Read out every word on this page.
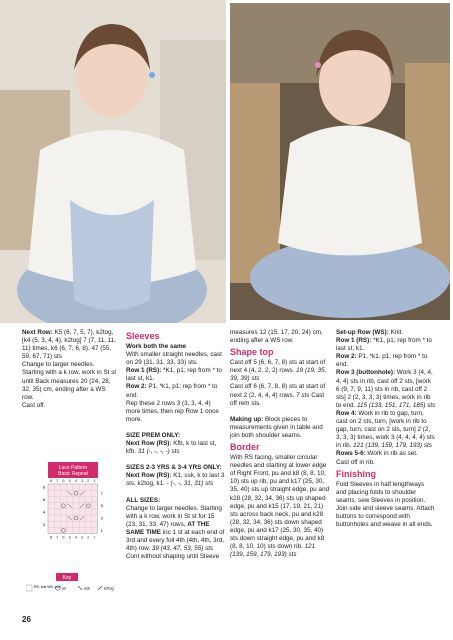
Next Row: K5 (6, 7, 5, 7), k2tog, [k4 (5, 3, 4, 4), k2tog] 7 (7, 11, 11, 11) times, k6 (6, 7, 6, 8). 47 (55, 59, 67, 71) sts

Change to larger needles. Starting with a k row, work in St st until Back measures 20 (24, 28, 32, 35) cm, ending after a WS row.

Cast off.

Lace Pattern
Basic Repeat
8 7 6 5 4 3 2 1
7
5
3
1
8
6
4
2
8 7 6 5 4 3 2 1
Key
RS: knit WS: purl yo	ssk	k2tog
Sleeves

Work both the same

With smaller straight needles, cast on 29 (31, 31, 33, 33) sts.

Row 1 (RS): *K1, p1; rep from * to last st, k1.

Row 2: P1, *k1, p1; rep from * to end.

Rep these 2 rows 3 (3, 3, 4, 4) more times, then rep Row 1 once more.

SIZE PREM ONLY:

Next Row (RS): Kfb, k to last st, kfb. 31 (-, -, -, -) sts

SIZES 2-3 YRS & 3-4 YRS ONLY:

Next Row (RS): K1, ssk, k to last 3 sts, k2tog, k1. - (-, -, 31, 31) sts

ALL SIZES:

Change to larger needles. Starting with a k row, work in St st for 15 (23, 31, 33, 47) rows, AT THE SAME TIME inc 1 st at each end of 3rd and every foll 4th (4th, 4th, 3rd, 4th) row. 39 (43, 47, 53, 55) sts

Cont without shaping until Sleeve

measures 12 (15, 17, 20, 24) cm, ending after a WS row.

Shape top

Cast off 5 (6, 6, 7, 8) sts at start of next 4 (4, 2, 2, 2) rows. 19 (19, 35, 39, 39) sts

Cast off 6 (6, 7, 8, 8) sts at start of next 2 (2, 4, 4, 4) rows. 7 sts Cast off rem sts.

Making up: Block pieces to measurements given in table and join both shoulder seams.

Border

With RS facing, smaller circular needles and starting at lower edge of Right Front, pu and k8 (8, 8, 10, 10) sts up rib, pu and k17 (25, 30, 35, 40) sts up straight edge, pu and k28 (28, 32, 34, 36) sts up shaped edge, pu and k15 (17, 19, 21, 21) sts across back neck, pu and k28 (28, 32, 34, 36) sts down shaped edge, pu and k17 (25, 30, 35, 40) sts down straight edge, pu and k8 (8, 8, 10, 10) sts down rib. 121 (139, 159, 179, 193) sts

Set-up Row (WS): Knit.

Row 1 (RS): *K1, p1; rep from * to last st, k1.

Row 2: P1, *k1, p1; rep from * to end.

Row 3 (buttonhole): Work 3 (4, 4, 4, 4) sts in rib, cast off 2 sts, [work 6 (9, 7, 9, 11) sts in rib, cast off 2 sts] 2 (2, 3, 3, 3) times, work in rib to end. 115 (133, 151, 171, 185) sts

Row 4: Work in rib to gap, turn, cast on 2 sts, turn, [work in rib to gap, turn, cast on 2 sts, turn] 2 (2, 3, 3, 3) times, work 3 (4, 4, 4, 4) sts in rib. 121 (139, 159, 179, 193) sts

Rows 5-6: Work in rib as set.

Cast off in rib.

Finishing

Fold Sleeves in half lengthways and placing folds to shoulder seams, sew Sleeves in position. Join side and sleeve seams. Attach buttons to correspond with buttonholes and weave in all ends.

26
